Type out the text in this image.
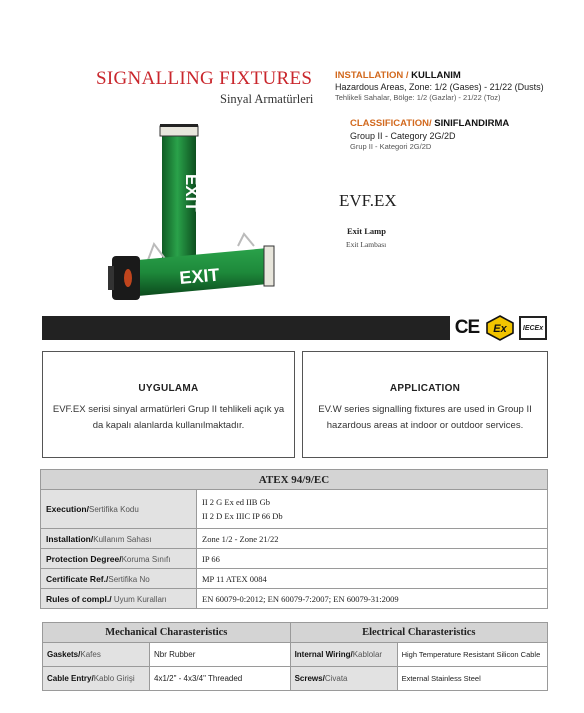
SIGNALLING FIXTURES
Sinyal Armatürleri
INSTALLATION / KULLANIM
Hazardous Areas, Zone: 1/2 (Gases) - 21/22 (Dusts)
Tehlikeli Sahalar, Bölge: 1/2 (Gazlar) - 21/22 (Toz)
CLASSIFICATION/ SINIFLANDIRMA
Group II - Category 2G/2D
Grup II - Kategori 2G/2D
EXIT
EXIT
EVF.EX
Exit Lamp
Exit Lambası
CE Ex	IECEx
UYGULAMA
EVF.EX serisi sinyal armatürleri Grup II tehlikeli açık ya da kapalı alanlarda kullanılmaktadır.
APPLICATION
EV.W series signalling fixtures are used in Group II hazardous areas at indoor or outdoor services.
ATEX 94/9/EC	
Execution/Sertifika Kodu	II 2 G Ex ed IIB Gb
II 2 D Ex IIIC IP 66 Db

Installation/Kullanım Sahası	Zone 1/2 - Zone 21/22
Protection Degree/Koruma Sınıfı	IP 66
Certificate Ref./Sertifika No	MP 11 ATEX 0084
Rules of compl./ Uyum Kuralları	EN 60079-0:2012; EN 60079-7:2007; EN 60079-31:2009
Mechanical Charasteristics		Electrical Charasteristics	
Gaskets/Kafes	Nbr Rubber	Internal Wiring/Kablolar	High Temperature Resistant Silicon Cable
Cable Entry/Kablo Girişi	4x1/2" - 4x3/4" Threaded	Screws/Civata	External Stainless Steel
